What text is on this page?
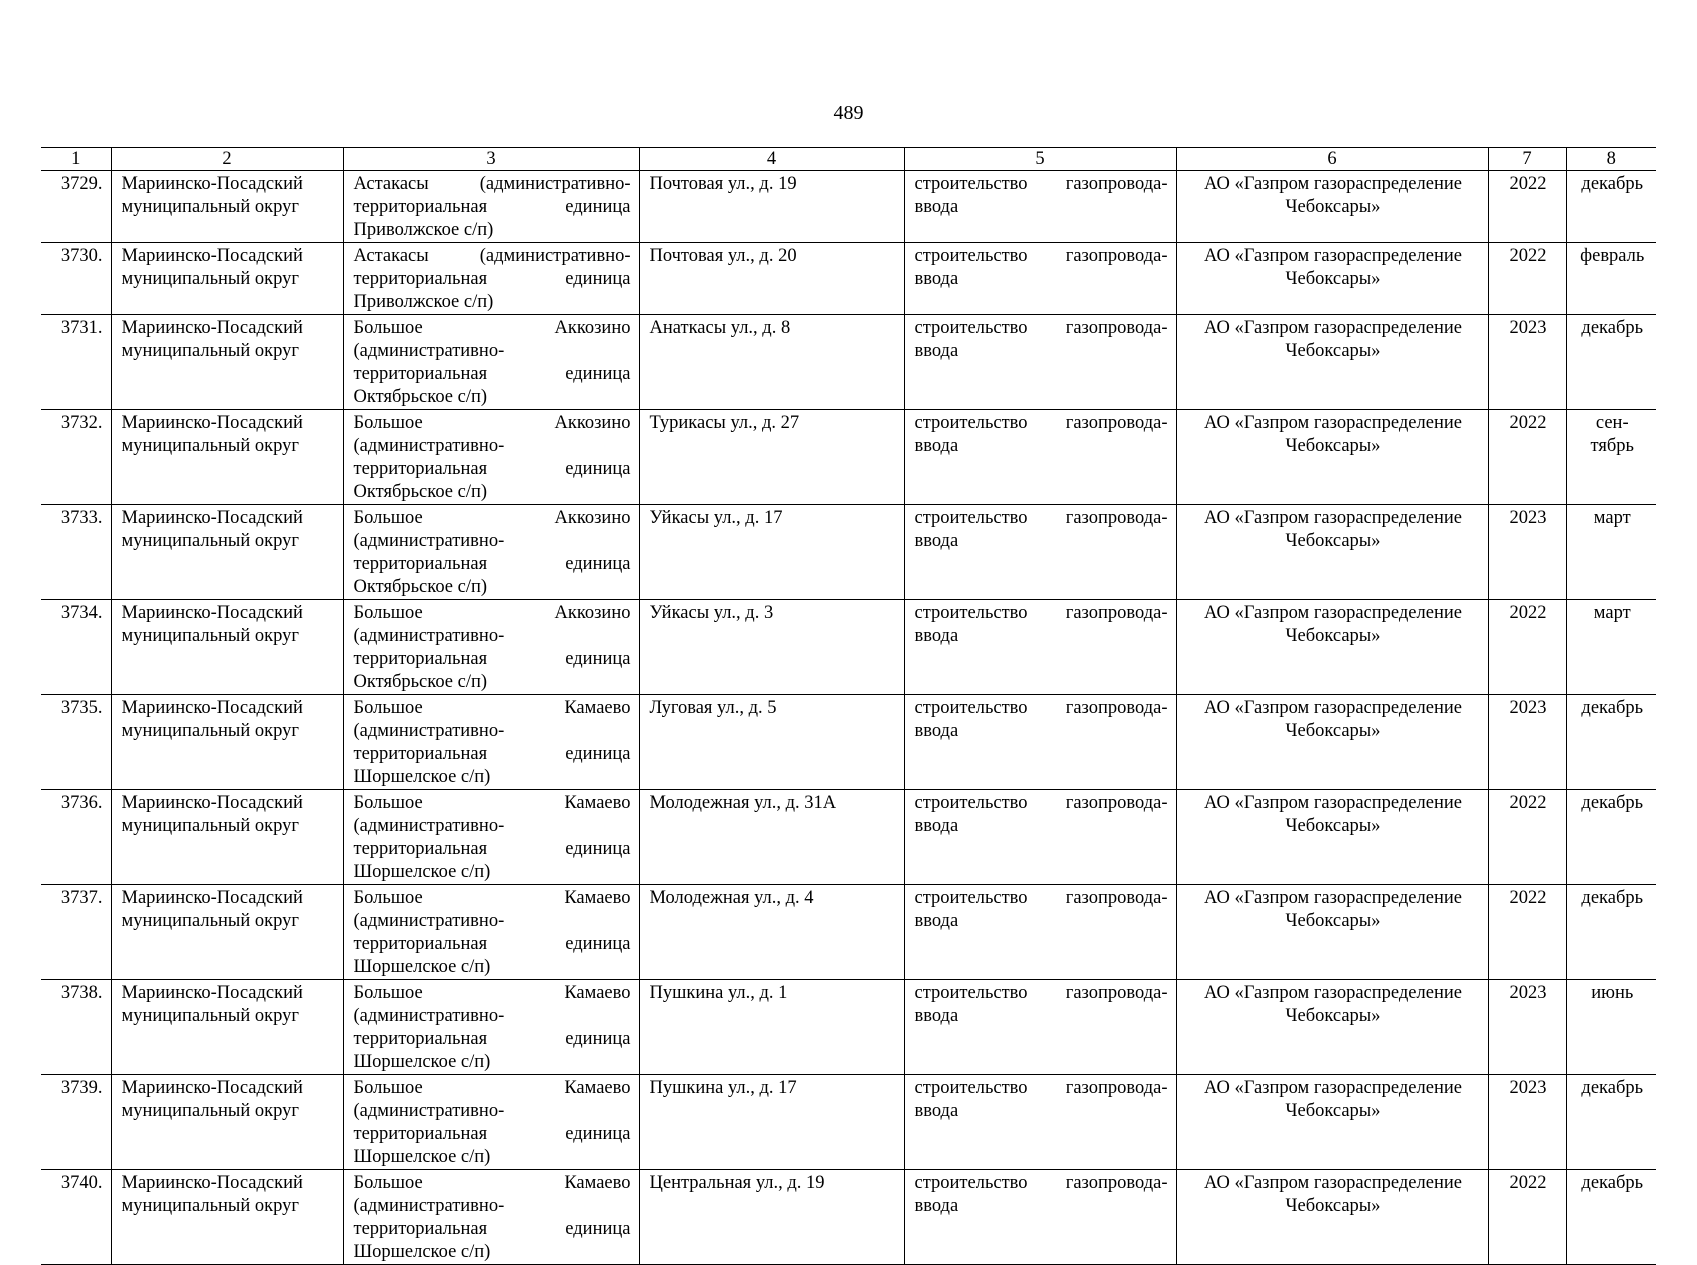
489
1	2	3	4	5	6	7	8
3729.	Мариинско-Посадский муниципальный округ	Астакасы (административно-территориальная единица Приволжское с/п)	Почтовая ул., д. 19	строительство газопровода-ввода	АО «Газпром газораспределение Чебоксары»	2022	декабрь
3730.	Мариинско-Посадский муниципальный округ	Астакасы (административно-территориальная единица Приволжское с/п)	Почтовая ул., д. 20	строительство газопровода-ввода	АО «Газпром газораспределение Чебоксары»	2022	февраль
3731.	Мариинско-Посадский муниципальный округ	Большое Аккозино (административно-территориальная единица Октябрьское с/п)	Анаткасы ул., д. 8	строительство газопровода-ввода	АО «Газпром газораспределение Чебоксары»	2023	декабрь
3732.	Мариинско-Посадский муниципальный округ	Большое Аккозино (административно-территориальная единица Октябрьское с/п)	Турикасы ул., д. 27	строительство газопровода-ввода	АО «Газпром газораспределение Чебоксары»	2022	сен-тябрь
3733.	Мариинско-Посадский муниципальный округ	Большое Аккозино (административно-территориальная единица Октябрьское с/п)	Уйкасы ул., д. 17	строительство газопровода-ввода	АО «Газпром газораспределение Чебоксары»	2023	март
3734.	Мариинско-Посадский муниципальный округ	Большое Аккозино (административно-территориальная единица Октябрьское с/п)	Уйкасы ул., д. 3	строительство газопровода-ввода	АО «Газпром газораспределение Чебоксары»	2022	март
3735.	Мариинско-Посадский муниципальный округ	Большое Камаево (административно-территориальная единица Шоршелское с/п)	Луговая ул., д. 5	строительство газопровода-ввода	АО «Газпром газораспределение Чебоксары»	2023	декабрь
3736.	Мариинско-Посадский муниципальный округ	Большое Камаево (административно-территориальная единица Шоршелское с/п)	Молодежная ул., д. 31А	строительство газопровода-ввода	АО «Газпром газораспределение Чебоксары»	2022	декабрь
3737.	Мариинско-Посадский муниципальный округ	Большое Камаево (административно-территориальная единица Шоршелское с/п)	Молодежная ул., д. 4	строительство газопровода-ввода	АО «Газпром газораспределение Чебоксары»	2022	декабрь
3738.	Мариинско-Посадский муниципальный округ	Большое Камаево (административно-территориальная единица Шоршелское с/п)	Пушкина ул., д. 1	строительство газопровода-ввода	АО «Газпром газораспределение Чебоксары»	2023	июнь
3739.	Мариинско-Посадский муниципальный округ	Большое Камаево (административно-территориальная единица Шоршелское с/п)	Пушкина ул., д. 17	строительство газопровода-ввода	АО «Газпром газораспределение Чебоксары»	2023	декабрь
3740.	Мариинско-Посадский муниципальный округ	Большое Камаево (административно-территориальная единица Шоршелское с/п)	Центральная ул., д. 19	строительство газопровода-ввода	АО «Газпром газораспределение Чебоксары»	2022	декабрь
